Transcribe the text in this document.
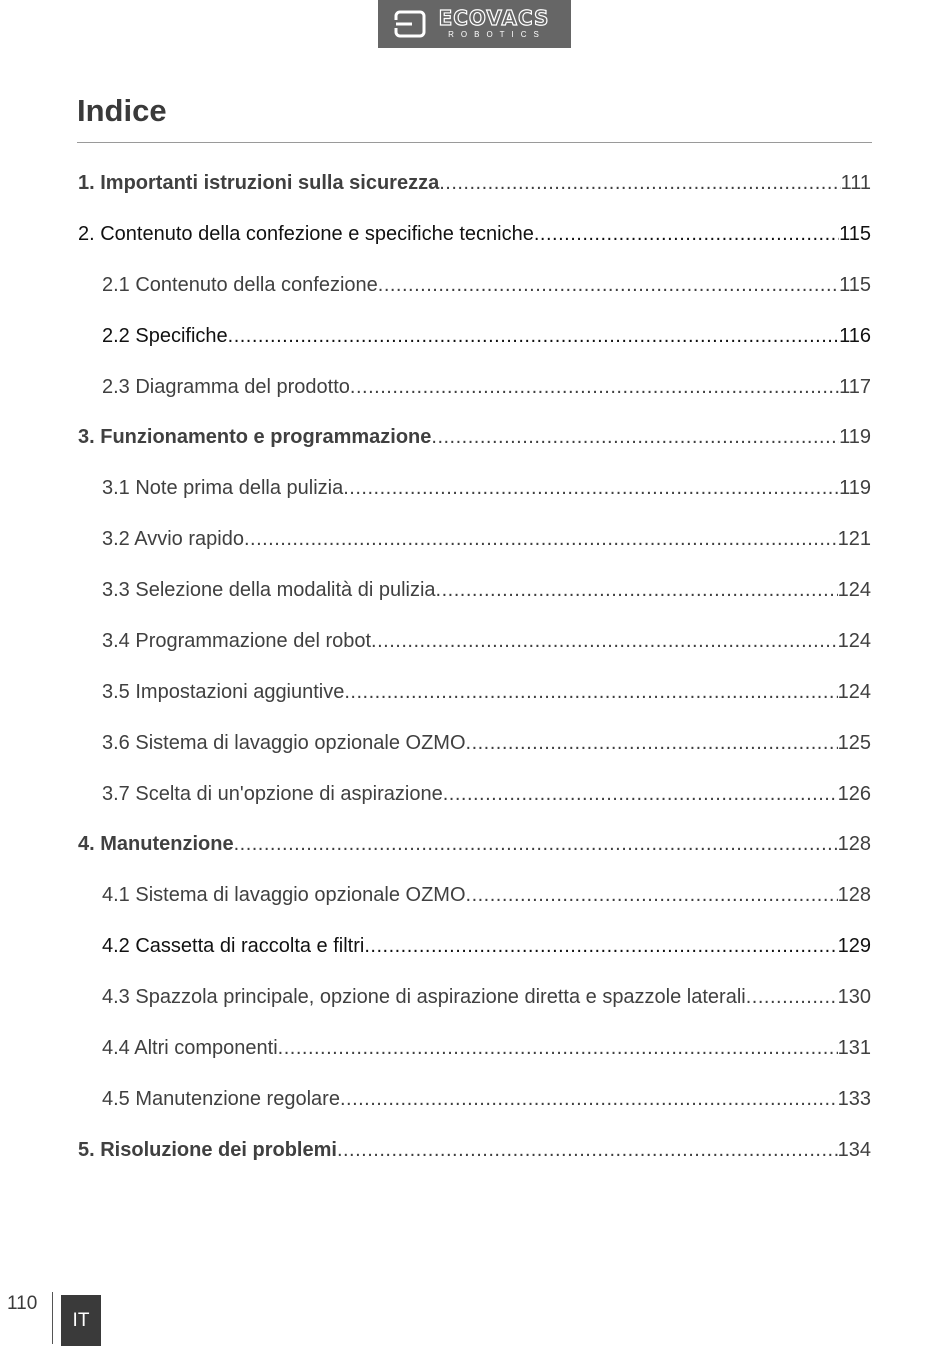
ECOVACS
ROBOTICS
Indice
1. Importanti istruzioni sulla sicurezza .....	111
2. Contenuto della confezione e specifiche tecniche .....	115
2.1 Contenuto della confezione .....	115
2.2 Specifiche .....	116
2.3 Diagramma del prodotto .....	117
3. Funzionamento e programmazione .....	119
3.1 Note prima della pulizia .....	119
3.2 Avvio rapido .....	121
3.3 Selezione della modalità di pulizia .....	124
3.4 Programmazione del robot .....	124
3.5 Impostazioni aggiuntive .....	124
3.6 Sistema di lavaggio opzionale OZMO .....	125
3.7 Scelta di un'opzione di aspirazione .....	126
4. Manutenzione .....	128
4.1 Sistema di lavaggio opzionale OZMO .....	128
4.2 Cassetta di raccolta e filtri .....	129
4.3 Spazzola principale, opzione di aspirazione diretta e spazzole laterali .....	130
4.4 Altri componenti .....	131
4.5 Manutenzione regolare .....	133
5. Risoluzione dei problemi .....	134
110
IT
